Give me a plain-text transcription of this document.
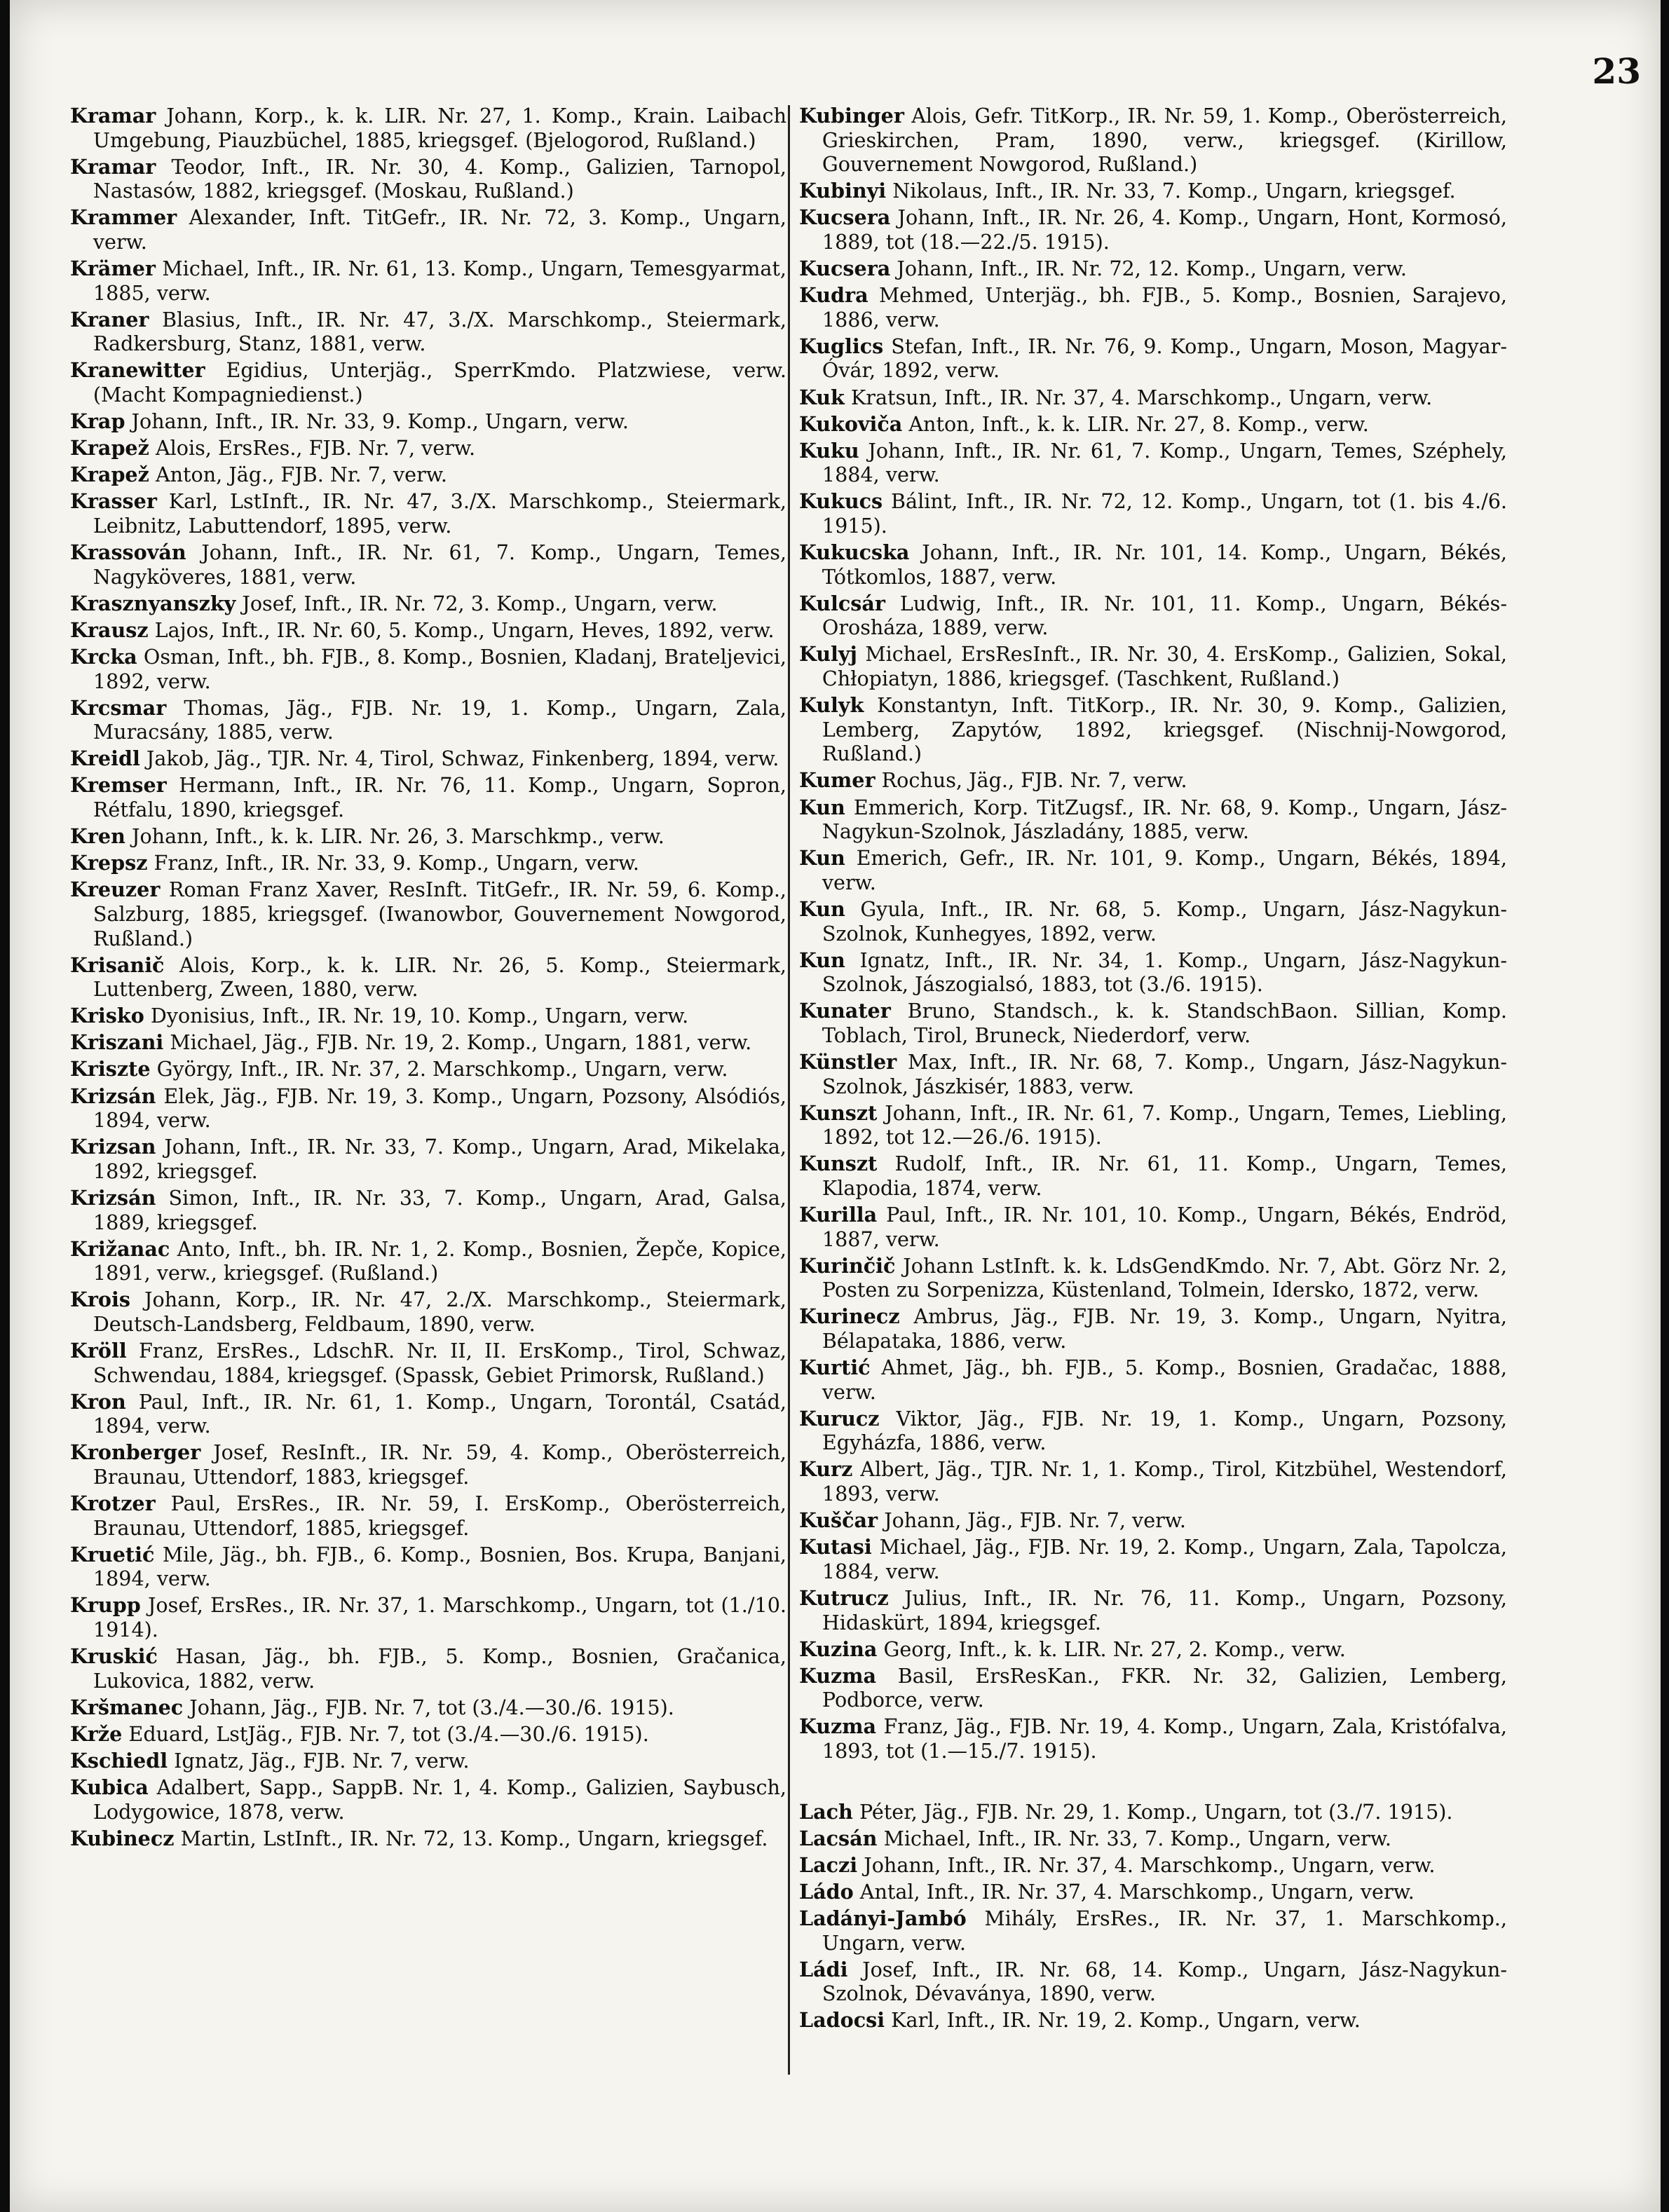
23

Kramar Johann, Korp., k. k. LIR. Nr. 27, 1. Komp., Krain. Laibach Umgebung, Piauzbüchel, 1885, kriegsgef. (Bjelogorod, Rußland.)

Kramar Teodor, Inft., IR. Nr. 30, 4. Komp., Galizien, Tarnopol, Nastasów, 1882, kriegsgef. (Moskau, Rußland.)

Krammer Alexander, Inft. TitGefr., IR. Nr. 72, 3. Komp., Ungarn, verw.

Krämer Michael, Inft., IR. Nr. 61, 13. Komp., Ungarn, Temesgyarmat, 1885, verw.

Kraner Blasius, Inft., IR. Nr. 47, 3./X. Marschkomp., Steiermark, Radkersburg, Stanz, 1881, verw.

Kranewitter Egidius, Unterjäg., SperrKmdo. Platzwiese, verw. (Macht Kompagniedienst.)

Krap Johann, Inft., IR. Nr. 33, 9. Komp., Ungarn, verw.

Krapež Alois, ErsRes., FJB. Nr. 7, verw.

Krapež Anton, Jäg., FJB. Nr. 7, verw.

Krasser Karl, LstInft., IR. Nr. 47, 3./X. Marschkomp., Steiermark, Leibnitz, Labuttendorf, 1895, verw.

Krassován Johann, Inft., IR. Nr. 61, 7. Komp., Ungarn, Temes, Nagyköveres, 1881, verw.

Krasznyanszky Josef, Inft., IR. Nr. 72, 3. Komp., Ungarn, verw.

Krausz Lajos, Inft., IR. Nr. 60, 5. Komp., Ungarn, Heves, 1892, verw.

Krcka Osman, Inft., bh. FJB., 8. Komp., Bosnien, Kladanj, Brateljevici, 1892, verw.

Krcsmar Thomas, Jäg., FJB. Nr. 19, 1. Komp., Ungarn, Zala, Muracsány, 1885, verw.

Kreidl Jakob, Jäg., TJR. Nr. 4, Tirol, Schwaz, Finkenberg, 1894, verw.

Kremser Hermann, Inft., IR. Nr. 76, 11. Komp., Ungarn, Sopron, Rétfalu, 1890, kriegsgef.

Kren Johann, Inft., k. k. LIR. Nr. 26, 3. Marschkmp., verw.

Krepsz Franz, Inft., IR. Nr. 33, 9. Komp., Ungarn, verw.

Kreuzer Roman Franz Xaver, ResInft. TitGefr., IR. Nr. 59, 6. Komp., Salzburg, 1885, kriegsgef. (Iwanowbor, Gouvernement Nowgorod, Rußland.)

Krisanič Alois, Korp., k. k. LIR. Nr. 26, 5. Komp., Steiermark, Luttenberg, Zween, 1880, verw.

Krisko Dyonisius, Inft., IR. Nr. 19, 10. Komp., Ungarn, verw.

Kriszani Michael, Jäg., FJB. Nr. 19, 2. Komp., Ungarn, 1881, verw.

Kriszte György, Inft., IR. Nr. 37, 2. Marschkomp., Ungarn, verw.

Krizsán Elek, Jäg., FJB. Nr. 19, 3. Komp., Ungarn, Pozsony, Alsódiós, 1894, verw.

Krizsan Johann, Inft., IR. Nr. 33, 7. Komp., Ungarn, Arad, Mikelaka, 1892, kriegsgef.

Krizsán Simon, Inft., IR. Nr. 33, 7. Komp., Ungarn, Arad, Galsa, 1889, kriegsgef.

Križanac Anto, Inft., bh. IR. Nr. 1, 2. Komp., Bosnien, Žepče, Kopice, 1891, verw., kriegsgef. (Rußland.)

Krois Johann, Korp., IR. Nr. 47, 2./X. Marschkomp., Steiermark, Deutsch-Landsberg, Feldbaum, 1890, verw.

Kröll Franz, ErsRes., LdschR. Nr. II, II. ErsKomp., Tirol, Schwaz, Schwendau, 1884, kriegsgef. (Spassk, Gebiet Primorsk, Rußland.)

Kron Paul, Inft., IR. Nr. 61, 1. Komp., Ungarn, Torontál, Csatád, 1894, verw.

Kronberger Josef, ResInft., IR. Nr. 59, 4. Komp., Oberösterreich, Braunau, Uttendorf, 1883, kriegsgef.

Krotzer Paul, ErsRes., IR. Nr. 59, I. ErsKomp., Oberösterreich, Braunau, Uttendorf, 1885, kriegsgef.

Kruetić Mile, Jäg., bh. FJB., 6. Komp., Bosnien, Bos. Krupa, Banjani, 1894, verw.

Krupp Josef, ErsRes., IR. Nr. 37, 1. Marschkomp., Ungarn, tot (1./10. 1914).

Kruskić Hasan, Jäg., bh. FJB., 5. Komp., Bosnien, Gračanica, Lukovica, 1882, verw.

Kršmanec Johann, Jäg., FJB. Nr. 7, tot (3./4.—30./6. 1915).

Krže Eduard, LstJäg., FJB. Nr. 7, tot (3./4.—30./6. 1915).

Kschiedl Ignatz, Jäg., FJB. Nr. 7, verw.

Kubica Adalbert, Sapp., SappB. Nr. 1, 4. Komp., Galizien, Saybusch, Lodygowice, 1878, verw.

Kubinecz Martin, LstInft., IR. Nr. 72, 13. Komp., Ungarn, kriegsgef.

Kubinger Alois, Gefr. TitKorp., IR. Nr. 59, 1. Komp., Oberösterreich, Grieskirchen, Pram, 1890, verw., kriegsgef. (Kirillow, Gouvernement Nowgorod, Rußland.)

Kubinyi Nikolaus, Inft., IR. Nr. 33, 7. Komp., Ungarn, kriegsgef.

Kucsera Johann, Inft., IR. Nr. 26, 4. Komp., Ungarn, Hont, Kormosó, 1889, tot (18.—22./5. 1915).

Kucsera Johann, Inft., IR. Nr. 72, 12. Komp., Ungarn, verw.

Kudra Mehmed, Unterjäg., bh. FJB., 5. Komp., Bosnien, Sarajevo, 1886, verw.

Kuglics Stefan, Inft., IR. Nr. 76, 9. Komp., Ungarn, Moson, Magyar-Óvár, 1892, verw.

Kuk Kratsun, Inft., IR. Nr. 37, 4. Marschkomp., Ungarn, verw.

Kukoviča Anton, Inft., k. k. LIR. Nr. 27, 8. Komp., verw.

Kuku Johann, Inft., IR. Nr. 61, 7. Komp., Ungarn, Temes, Széphely, 1884, verw.

Kukucs Bálint, Inft., IR. Nr. 72, 12. Komp., Ungarn, tot (1. bis 4./6. 1915).

Kukucska Johann, Inft., IR. Nr. 101, 14. Komp., Ungarn, Békés, Tótkomlos, 1887, verw.

Kulcsár Ludwig, Inft., IR. Nr. 101, 11. Komp., Ungarn, Békés-Orosháza, 1889, verw.

Kulyj Michael, ErsResInft., IR. Nr. 30, 4. ErsKomp., Galizien, Sokal, Chłopiatyn, 1886, kriegsgef. (Taschkent, Rußland.)

Kulyk Konstantyn, Inft. TitKorp., IR. Nr. 30, 9. Komp., Galizien, Lemberg, Zapytów, 1892, kriegsgef. (Nischnij-Nowgorod, Rußland.)

Kumer Rochus, Jäg., FJB. Nr. 7, verw.

Kun Emmerich, Korp. TitZugsf., IR. Nr. 68, 9. Komp., Ungarn, Jász-Nagykun-Szolnok, Jászladány, 1885, verw.

Kun Emerich, Gefr., IR. Nr. 101, 9. Komp., Ungarn, Békés, 1894, verw.

Kun Gyula, Inft., IR. Nr. 68, 5. Komp., Ungarn, Jász-Nagykun-Szolnok, Kunhegyes, 1892, verw.

Kun Ignatz, Inft., IR. Nr. 34, 1. Komp., Ungarn, Jász-Nagykun-Szolnok, Jászogialsó, 1883, tot (3./6. 1915).

Kunater Bruno, Standsch., k. k. StandschBaon. Sillian, Komp. Toblach, Tirol, Bruneck, Niederdorf, verw.

Künstler Max, Inft., IR. Nr. 68, 7. Komp., Ungarn, Jász-Nagykun-Szolnok, Jászkisér, 1883, verw.

Kunszt Johann, Inft., IR. Nr. 61, 7. Komp., Ungarn, Temes, Liebling, 1892, tot 12.—26./6. 1915).

Kunszt Rudolf, Inft., IR. Nr. 61, 11. Komp., Ungarn, Temes, Klapodia, 1874, verw.

Kurilla Paul, Inft., IR. Nr. 101, 10. Komp., Ungarn, Békés, Endröd, 1887, verw.

Kurinčič Johann LstInft. k. k. LdsGendKmdo. Nr. 7, Abt. Görz Nr. 2, Posten zu Sorpenizza, Küstenland, Tolmein, Idersko, 1872, verw.

Kurinecz Ambrus, Jäg., FJB. Nr. 19, 3. Komp., Ungarn, Nyitra, Bélapataka, 1886, verw.

Kurtić Ahmet, Jäg., bh. FJB., 5. Komp., Bosnien, Gradačac, 1888, verw.

Kurucz Viktor, Jäg., FJB. Nr. 19, 1. Komp., Ungarn, Pozsony, Egyházfa, 1886, verw.

Kurz Albert, Jäg., TJR. Nr. 1, 1. Komp., Tirol, Kitzbühel, Westendorf, 1893, verw.

Kuščar Johann, Jäg., FJB. Nr. 7, verw.

Kutasi Michael, Jäg., FJB. Nr. 19, 2. Komp., Ungarn, Zala, Tapolcza, 1884, verw.

Kutrucz Julius, Inft., IR. Nr. 76, 11. Komp., Ungarn, Pozsony, Hidaskürt, 1894, kriegsgef.

Kuzina Georg, Inft., k. k. LIR. Nr. 27, 2. Komp., verw.

Kuzma Basil, ErsResKan., FKR. Nr. 32, Galizien, Lemberg, Podborce, verw.

Kuzma Franz, Jäg., FJB. Nr. 19, 4. Komp., Ungarn, Zala, Kristófalva, 1893, tot (1.—15./7. 1915).

Lach Péter, Jäg., FJB. Nr. 29, 1. Komp., Ungarn, tot (3./7. 1915).

Lacsán Michael, Inft., IR. Nr. 33, 7. Komp., Ungarn, verw.

Laczi Johann, Inft., IR. Nr. 37, 4. Marschkomp., Ungarn, verw.

Ládo Antal, Inft., IR. Nr. 37, 4. Marschkomp., Ungarn, verw.

Ladányi-Jambó Mihály, ErsRes., IR. Nr. 37, 1. Marschkomp., Ungarn, verw.

Ládi Josef, Inft., IR. Nr. 68, 14. Komp., Ungarn, Jász-Nagykun-Szolnok, Dévaványa, 1890, verw.

Ladocsi Karl, Inft., IR. Nr. 19, 2. Komp., Ungarn, verw.
